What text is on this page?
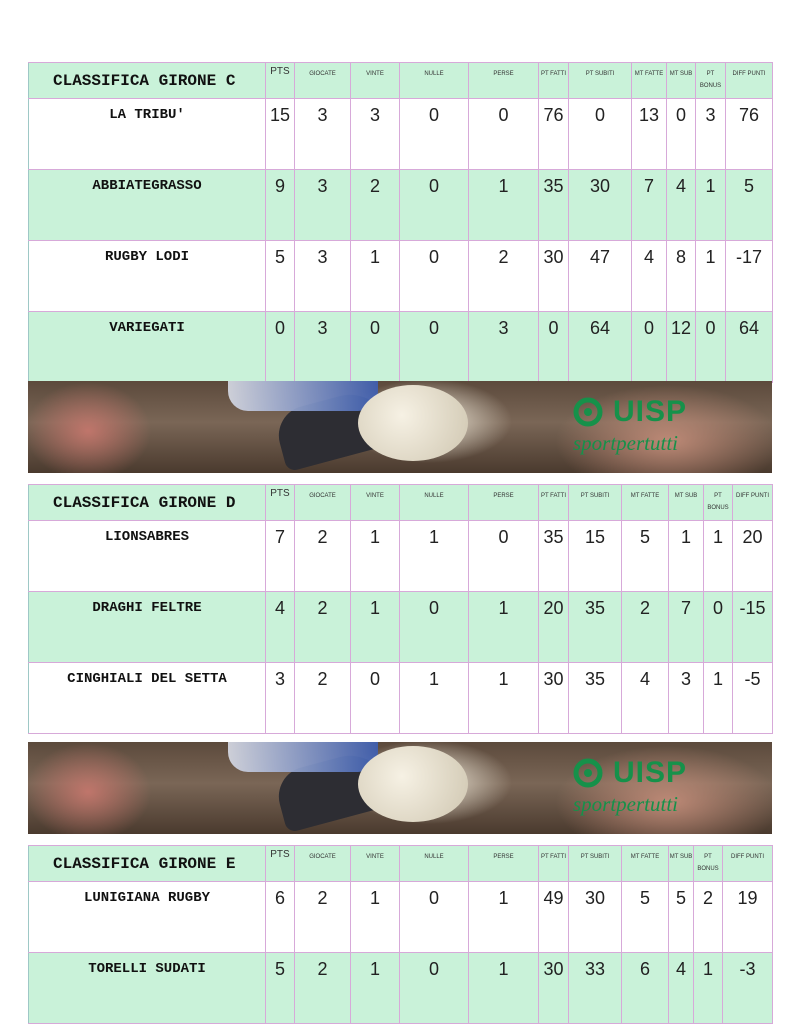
CLASSIFICA GIRONE C	PTS	GIOCATE	VINTE	NULLE	PERSE	PT FATTI	PT SUBITI	MT FATTE	MT SUB	PT BONUS	DIFF PUNTI
LA TRIBU'	15	3	3	0	0	76	0	13	0	3	76
ABBIATEGRASSO	9	3	2	0	1	35	30	7	4	1	5
RUGBY LODI	5	3	1	0	2	30	47	4	8	1	-17
VARIEGATI	0	3	0	0	3	0	64	0	12	0	64
UISP
sportpertutti
CLASSIFICA GIRONE D	PTS	GIOCATE	VINTE	NULLE	PERSE	PT FATTI	PT SUBITI	MT FATTE	MT SUB	PT BONUS	DIFF PUNTI
LIONSABRES	7	2	1	1	0	35	15	5	1	1	20
DRAGHI FELTRE	4	2	1	0	1	20	35	2	7	0	-15
CINGHIALI DEL SETTA	3	2	0	1	1	30	35	4	3	1	-5
UISP
sportpertutti
CLASSIFICA GIRONE E	PTS	GIOCATE	VINTE	NULLE	PERSE	PT FATTI	PT SUBITI	MT FATTE	MT SUB	PT BONUS	DIFF PUNTI
LUNIGIANA RUGBY	6	2	1	0	1	49	30	5	5	2	19
TORELLI SUDATI	5	2	1	0	1	30	33	6	4	1	-3
